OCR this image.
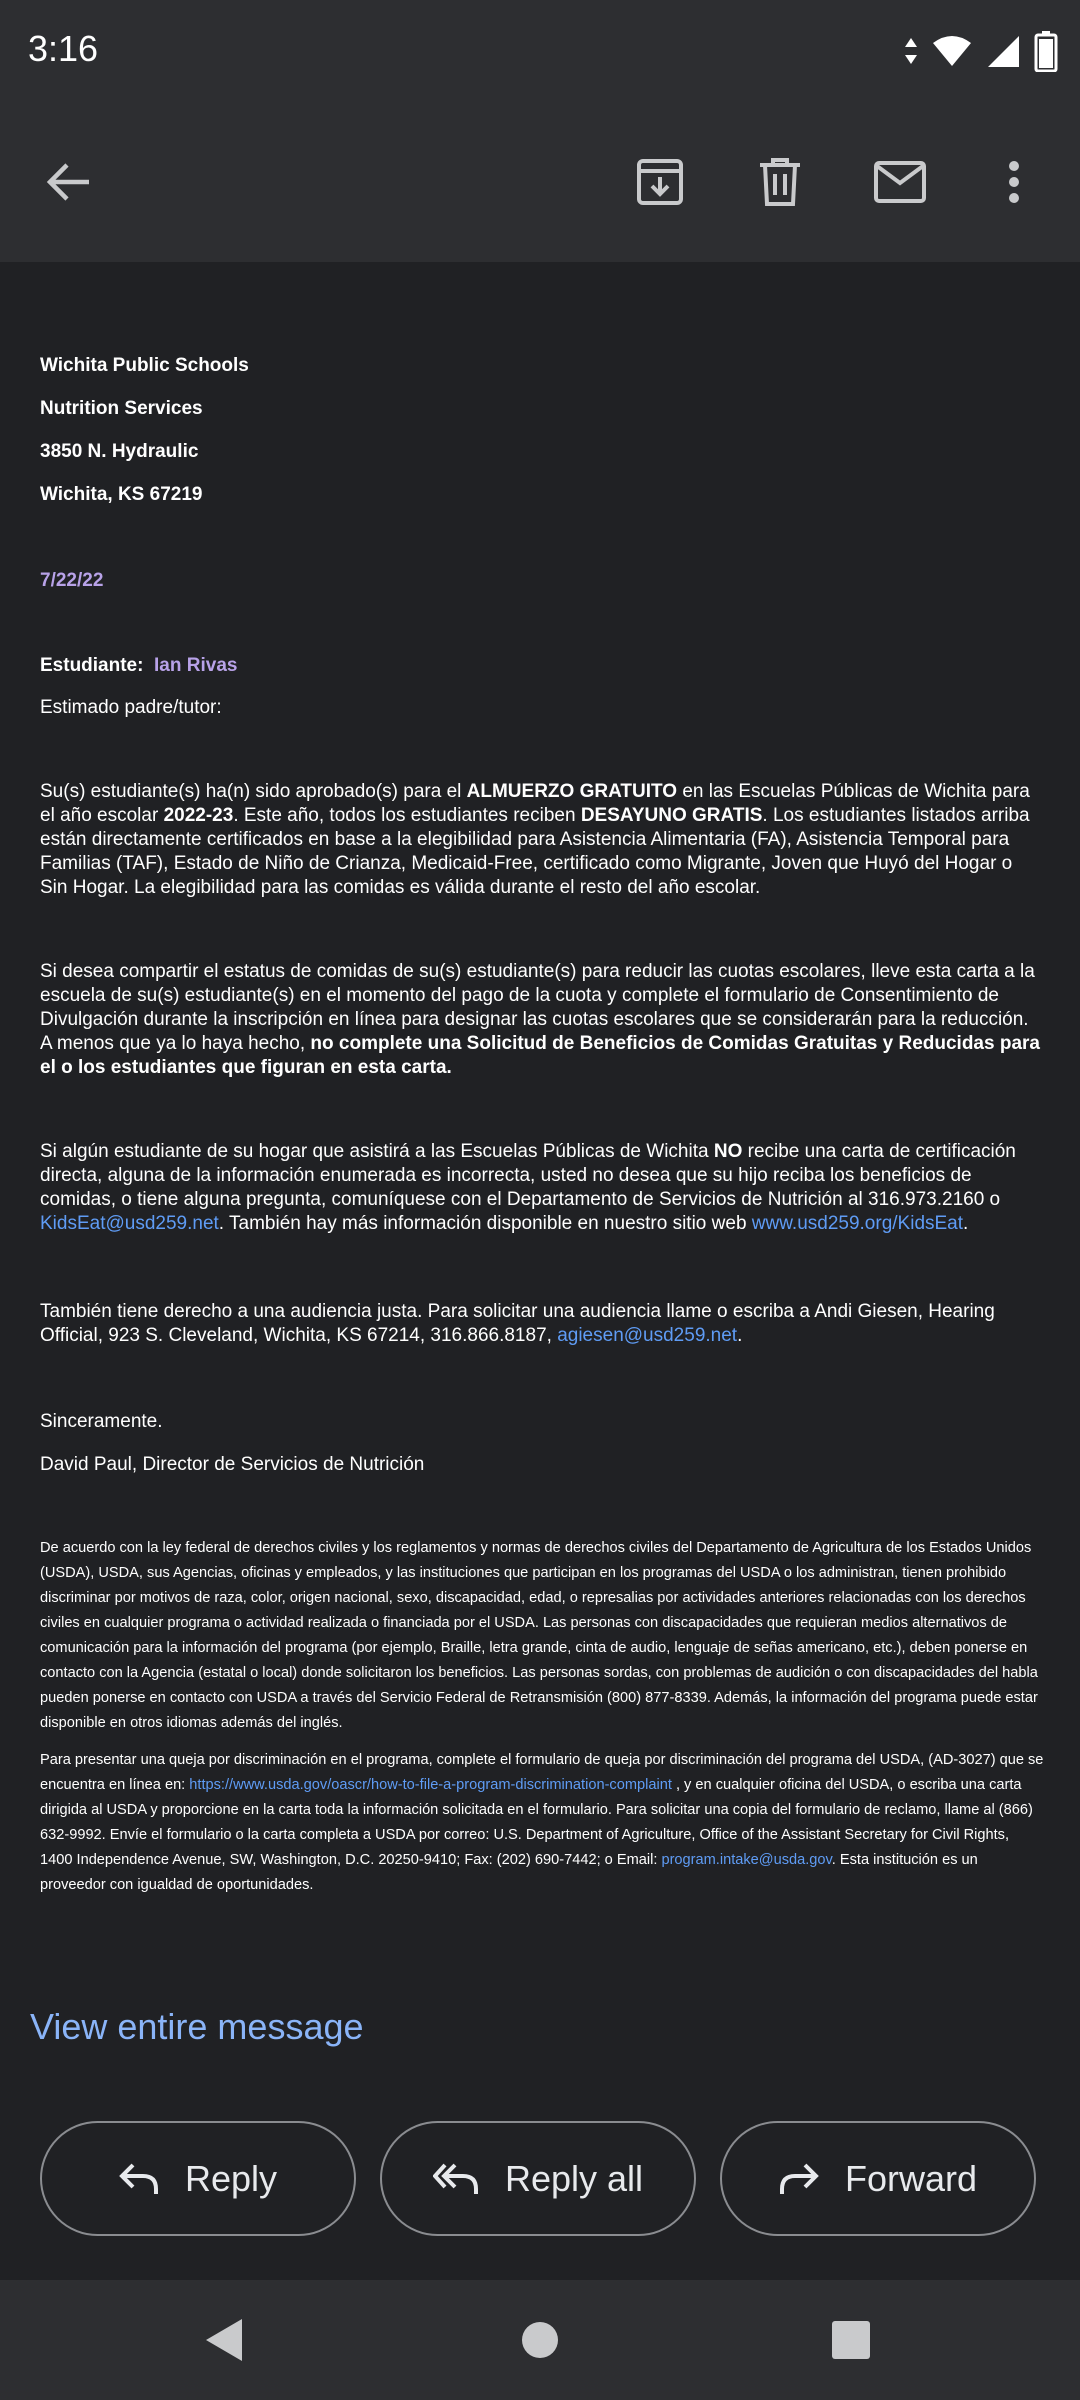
3:16
Wichita Public Schools
Nutrition Services
3850 N. Hydraulic
Wichita, KS 67219
7/22/22
Estudiante: Ian Rivas
Estimado padre/tutor:
Su(s) estudiante(s) ha(n) sido aprobado(s) para el ALMUERZO GRATUITO en las Escuelas Públicas de Wichita para el año escolar 2022-23. Este año, todos los estudiantes reciben DESAYUNO GRATIS. Los estudiantes listados arriba están directamente certificados en base a la elegibilidad para Asistencia Alimentaria (FA), Asistencia Temporal para Familias (TAF), Estado de Niño de Crianza, Medicaid-Free, certificado como Migrante, Joven que Huyó del Hogar o Sin Hogar. La elegibilidad para las comidas es válida durante el resto del año escolar.
Si desea compartir el estatus de comidas de su(s) estudiante(s) para reducir las cuotas escolares, lleve esta carta a la escuela de su(s) estudiante(s) en el momento del pago de la cuota y complete el formulario de Consentimiento de Divulgación durante la inscripción en línea para designar las cuotas escolares que se considerarán para la reducción. A menos que ya lo haya hecho, no complete una Solicitud de Beneficios de Comidas Gratuitas y Reducidas para el o los estudiantes que figuran en esta carta.
Si algún estudiante de su hogar que asistirá a las Escuelas Públicas de Wichita NO recibe una carta de certificación directa, alguna de la información enumerada es incorrecta, usted no desea que su hijo reciba los beneficios de comidas, o tiene alguna pregunta, comuníquese con el Departamento de Servicios de Nutrición al 316.973.2160 o KidsEat@usd259.net. También hay más información disponible en nuestro sitio web www.usd259.org/KidsEat.
También tiene derecho a una audiencia justa. Para solicitar una audiencia llame o escriba a Andi Giesen, Hearing Official, 923 S. Cleveland, Wichita, KS 67214, 316.866.8187, agiesen@usd259.net.
Sinceramente.
David Paul, Director de Servicios de Nutrición
De acuerdo con la ley federal de derechos civiles y los reglamentos y normas de derechos civiles del Departamento de Agricultura de los Estados Unidos (USDA), USDA, sus Agencias, oficinas y empleados, y las instituciones que participan en los programas del USDA o los administran, tienen prohibido discriminar por motivos de raza, color, origen nacional, sexo, discapacidad, edad, o represalias por actividades anteriores relacionadas con los derechos civiles en cualquier programa o actividad realizada o financiada por el USDA. Las personas con discapacidades que requieran medios alternativos de comunicación para la información del programa (por ejemplo, Braille, letra grande, cinta de audio, lenguaje de señas americano, etc.), deben ponerse en contacto con la Agencia (estatal o local) donde solicitaron los beneficios. Las personas sordas, con problemas de audición o con discapacidades del habla pueden ponerse en contacto con USDA a través del Servicio Federal de Retransmisión (800) 877-8339. Además, la información del programa puede estar disponible en otros idiomas además del inglés.
Para presentar una queja por discriminación en el programa, complete el formulario de queja por discriminación del programa del USDA, (AD-3027) que se encuentra en línea en: https://www.usda.gov/oascr/how-to-file-a-program-discrimination-complaint , y en cualquier oficina del USDA, o escriba una carta dirigida al USDA y proporcione en la carta toda la información solicitada en el formulario. Para solicitar una copia del formulario de reclamo, llame al (866) 632-9992. Envíe el formulario o la carta completa a USDA por correo: U.S. Department of Agriculture, Office of the Assistant Secretary for Civil Rights, 1400 Independence Avenue, SW, Washington, D.C. 20250-9410; Fax: (202) 690-7442; o Email: program.intake@usda.gov. Esta institución es un proveedor con igualdad de oportunidades.
View entire message
Reply	Reply all	Forward
